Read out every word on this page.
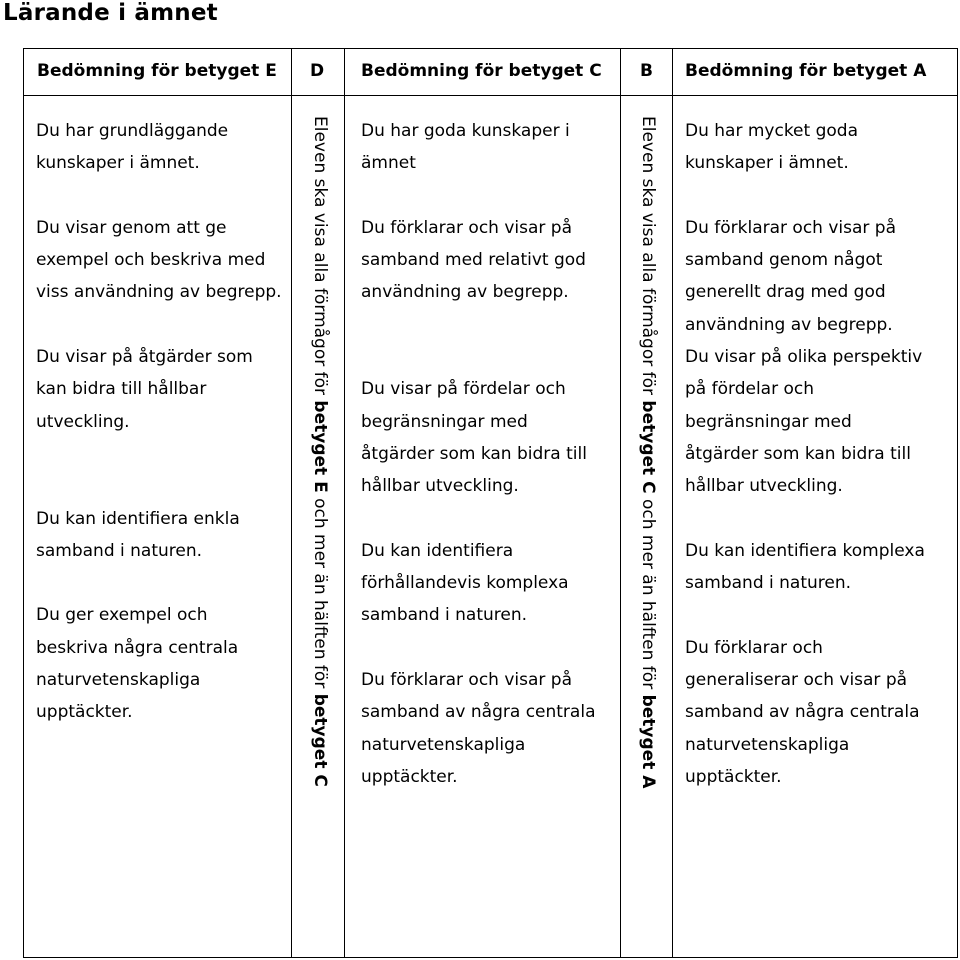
Lärande i ämnet
Bedömning för betyget E D Bedömning för betyget C B Bedömning för betyget A

Du har grundläggande

kunskaper i ämnet.

Du visar genom att ge

exempel och beskriva med

viss användning av begrepp.

Du visar på åtgärder som

kan bidra till hållbar

utveckling.

Du kan identifiera enkla

samband i naturen.

Du ger exempel och

beskriva några centrala

naturvetenskapliga

upptäckter.

Eleven ska visa alla förmågor för betyget E och mer än hälften för betyget C

Du har goda kunskaper i

ämnet

Du förklarar och visar på

samband med relativt god

användning av begrepp.

Du visar på fördelar och

begränsningar med

åtgärder som kan bidra till

hållbar utveckling.

Du kan identifiera

förhållandevis komplexa

samband i naturen.

Du förklarar och visar på

samband av några centrala

naturvetenskapliga

upptäckter.

Eleven ska visa alla förmågor för betyget C och mer än hälften för betyget A

Du har mycket goda

kunskaper i ämnet.

Du förklarar och visar på

samband genom något

generellt drag med god

användning av begrepp.

Du visar på olika perspektiv

på fördelar och

begränsningar med

åtgärder som kan bidra till

hållbar utveckling.

Du kan identifiera komplexa

samband i naturen.

Du förklarar och

generaliserar och visar på

samband av några centrala

naturvetenskapliga

upptäckter.
